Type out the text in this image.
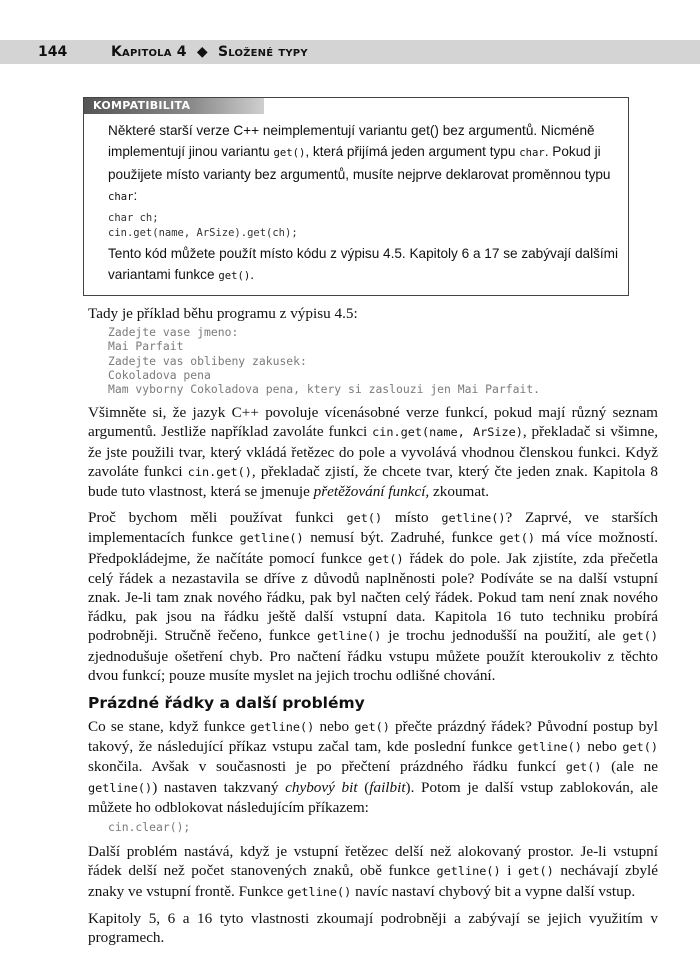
144	Kapitola 4 ◆ Složené typy
KOMPATIBILITA

Některé starší verze C++ neimplementují variantu get() bez argumentů. Nicméně implementují jinou variantu get(), která přijímá jeden argument typu char. Pokud ji použijete místo varianty bez argumentů, musíte nejprve deklarovat proměnnou typu char:

char ch;
cin.get(name, ArSize).get(ch);

Tento kód můžete použít místo kódu z výpisu 4.5. Kapitoly 6 a 17 se zabývají dalšími variantami funkce get().

Tady je příklad běhu programu z výpisu 4.5:

Zadejte vase jmeno:
Mai Parfait
Zadejte vas oblibeny zakusek:
Cokoladova pena
Mam vyborny Cokoladova pena, ktery si zaslouzi jen Mai Parfait.

Všimněte si, že jazyk C++ povoluje vícenásobné verze funkcí, pokud mají různý seznam argumentů. Jestliže například zavoláte funkci cin.get(name, ArSize), překladač si všimne, že jste použili tvar, který vkládá řetězec do pole a vyvolává vhodnou členskou funkci. Když zavoláte funkci cin.get(), překladač zjistí, že chcete tvar, který čte jeden znak. Kapitola 8 bude tuto vlastnost, která se jmenuje přetěžování funkcí, zkoumat.

Proč bychom měli používat funkci get() místo getline()? Zaprvé, ve starších implementacích funkce getline() nemusí být. Zadruhé, funkce get() má více možností. Předpokládejme, že načítáte pomocí funkce get() řádek do pole. Jak zjistíte, zda přečetla celý řádek a nezastavila se dříve z důvodů naplněnosti pole? Podíváte se na další vstupní znak. Je-li tam znak nového řádku, pak byl načten celý řádek. Pokud tam není znak nového řádku, pak jsou na řádku ještě další vstupní data. Kapitola 16 tuto techniku probírá podrobněji. Stručně řečeno, funkce getline() je trochu jednodušší na použití, ale get() zjednodušuje ošetření chyb. Pro načtení řádku vstupu můžete použít kteroukoliv z těchto dvou funkcí; pouze musíte myslet na jejich trochu odlišné chování.

Prázdné řádky a další problémy

Co se stane, když funkce getline() nebo get() přečte prázdný řádek? Původní postup byl takový, že následující příkaz vstupu začal tam, kde poslední funkce getline() nebo get() skončila. Avšak v současnosti je po přečtení prázdného řádku funkcí get() (ale ne getline()) nastaven takzvaný chybový bit (failbit). Potom je další vstup zablokován, ale můžete ho odblokovat následujícím příkazem:

cin.clear();

Další problém nastává, když je vstupní řetězec delší než alokovaný prostor. Je-li vstupní řádek delší než počet stanovených znaků, obě funkce getline() i get() nechávají zbylé znaky ve vstupní frontě. Funkce getline() navíc nastaví chybový bit a vypne další vstup.

Kapitoly 5, 6 a 16 tyto vlastnosti zkoumají podrobněji a zabývají se jejich využitím v programech.
